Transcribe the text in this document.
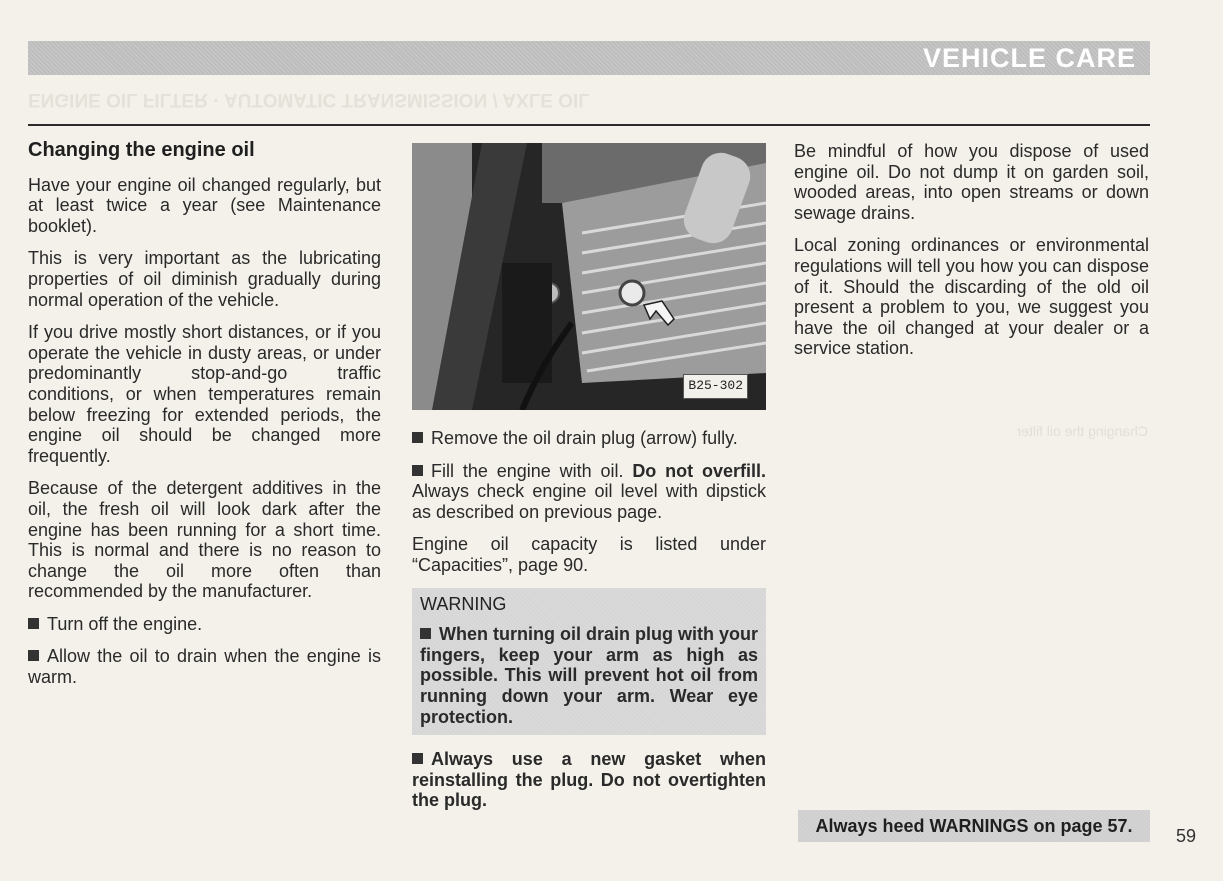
VEHICLE CARE
ENGINE OIL FILTER · AUTOMATIC TRANSMISSION / AXLE OIL
Changing the engine oil

Have your engine oil changed regularly, but at least twice a year (see Maintenance booklet).

This is very important as the lubricating properties of oil diminish gradually during normal operation of the vehicle.

If you drive mostly short distances, or if you operate the vehicle in dusty areas, or under predominantly stop-and-go traffic conditions, or when temperatures remain below freezing for extended periods, the engine oil should be changed more frequently.

Because of the detergent additives in the oil, the fresh oil will look dark after the engine has been running for a short time. This is normal and there is no reason to change the oil more often than recommended by the manufacturer.

Turn off the engine.

Allow the oil to drain when the engine is warm.

B25-302

Remove the oil drain plug (arrow) fully.

Fill the engine with oil. Do not overfill. Always check engine oil level with dipstick as described on previous page.

Engine oil capacity is listed under “Capacities”, page 90.

WARNING
When turning oil drain plug with your fingers, keep your arm as high as possible. This will prevent hot oil from running down your arm. Wear eye protection.

Always use a new gasket when reinstalling the plug. Do not overtighten the plug.

Be mindful of how you dispose of used engine oil. Do not dump it on garden soil, wooded areas, into open streams or down sewage drains.

Local zoning ordinances or environmental regulations will tell you how you can dispose of it. Should the discarding of the old oil present a problem to you, we suggest you have the oil changed at your dealer or a service station.

Changing the oil filter
Always heed WARNINGS on page 57.	59
